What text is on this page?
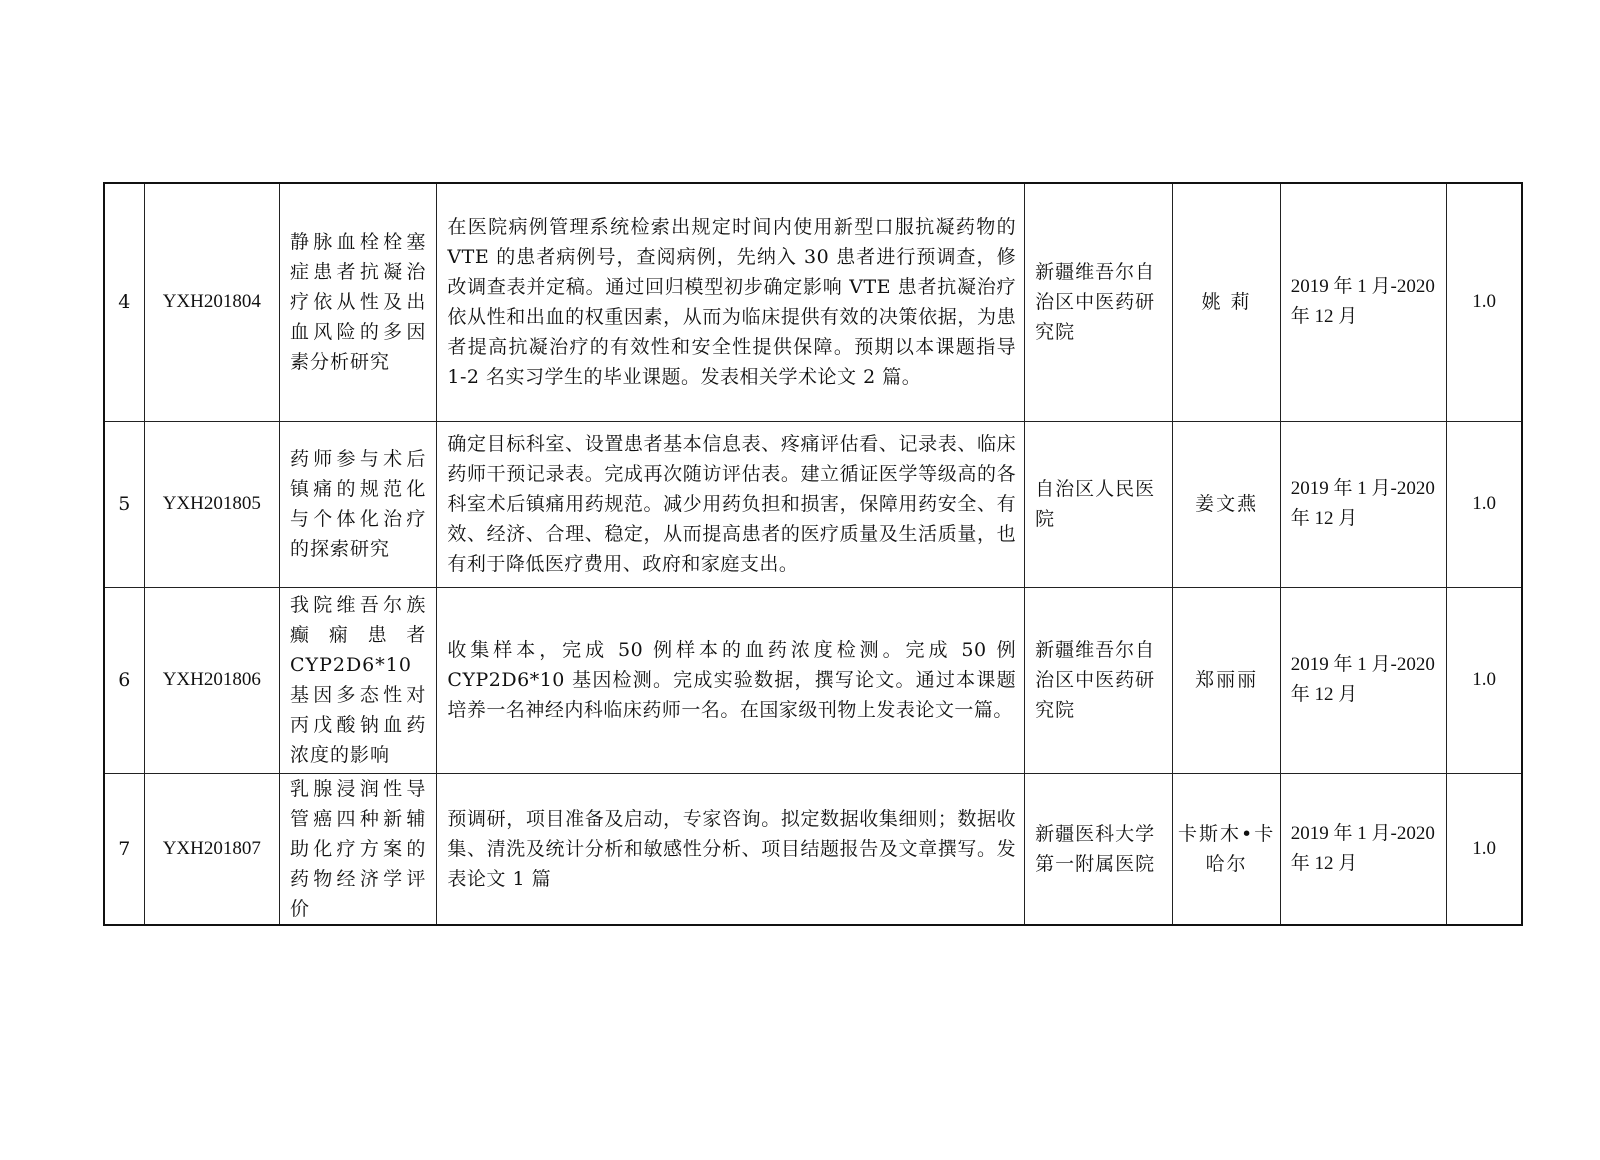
4	YXH201804	静脉血栓栓塞症患者抗凝治疗依从性及出血风险的多因素分析研究	在医院病例管理系统检索出规定时间内使用新型口服抗凝药物的 VTE 的患者病例号，查阅病例，先纳入 30 患者进行预调查，修改调查表并定稿。通过回归模型初步确定影响 VTE 患者抗凝治疗依从性和出血的权重因素，从而为临床提供有效的决策依据，为患者提高抗凝治疗的有效性和安全性提供保障。预期以本课题指导 1-2 名实习学生的毕业课题。发表相关学术论文 2 篇。	新疆维吾尔自治区中医药研究院	姚 莉	2019 年 1 月-2020 年 12 月	1.0
5	YXH201805	药师参与术后镇痛的规范化与个体化治疗的探索研究	确定目标科室、设置患者基本信息表、疼痛评估看、记录表、临床药师干预记录表。完成再次随访评估表。建立循证医学等级高的各科室术后镇痛用药规范。减少用药负担和损害，保障用药安全、有效、经济、合理、稳定，从而提高患者的医疗质量及生活质量，也有利于降低医疗费用、政府和家庭支出。	自治区人民医院	姜文燕	2019 年 1 月-2020 年 12 月	1.0
6	YXH201806	我院维吾尔族癫痫患者CYP2D6*10 基因多态性对丙戊酸钠血药浓度的影响	收集样本，完成 50 例样本的血药浓度检测。完成 50 例 CYP2D6*10 基因检测。完成实验数据，撰写论文。通过本课题培养一名神经内科临床药师一名。在国家级刊物上发表论文一篇。	新疆维吾尔自治区中医药研究院	郑丽丽	2019 年 1 月-2020 年 12 月	1.0
7	YXH201807	乳腺浸润性导管癌四种新辅助化疗方案的药物经济学评价	预调研，项目准备及启动，专家咨询。拟定数据收集细则；数据收集、清洗及统计分析和敏感性分析、项目结题报告及文章撰写。发表论文 1 篇	新疆医科大学第一附属医院	卡斯木•卡哈尔	2019 年 1 月-2020 年 12 月	1.0
